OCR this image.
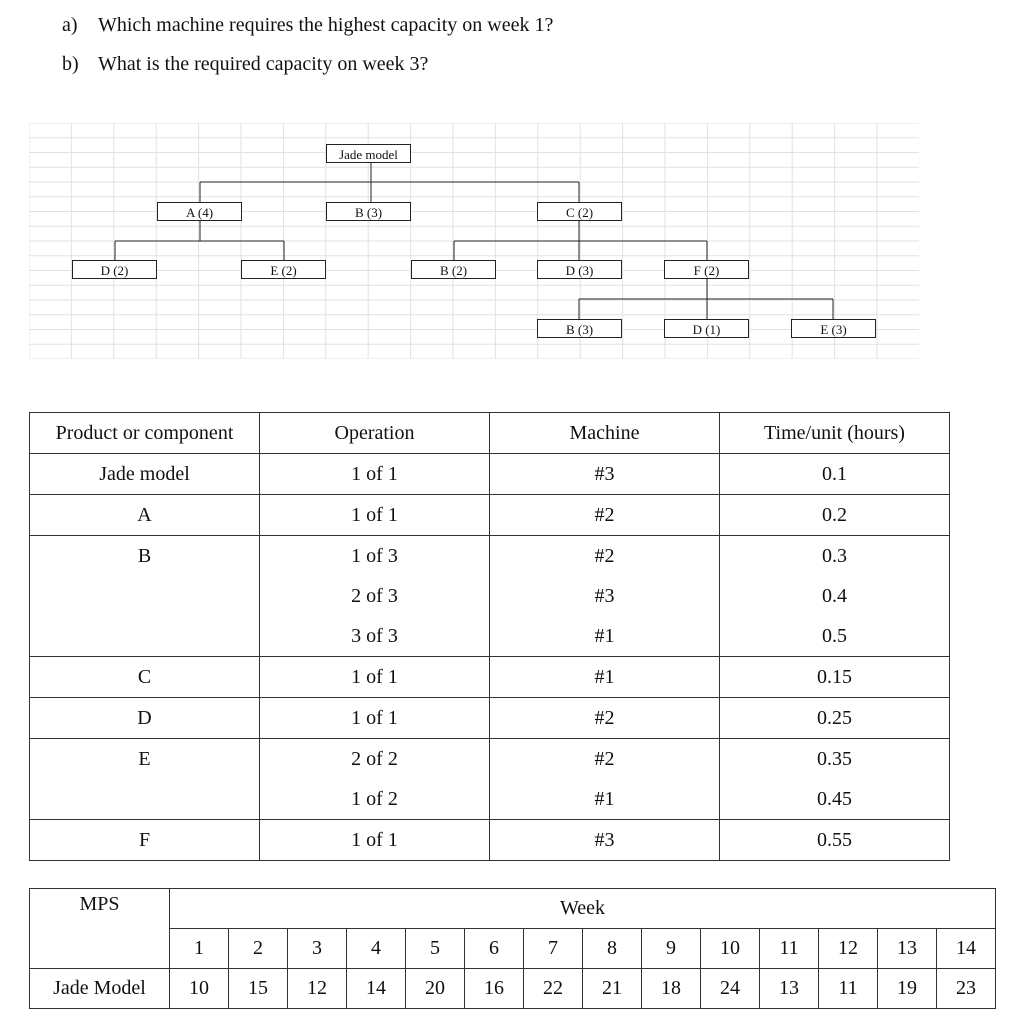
a)	Which machine requires the highest capacity on week 1?
b) What is the required capacity on week 3?
Jade model
A (4)	B (3)	C (2)
D (2)	E (2)	B (2)	D (3)	F (2)
B (3)	D (1)	E (3)
Product or component	Operation	Machine	Time/unit (hours)
Jade model	1 of 1	#3	0.1
A	1 of 1	#2	0.2
B	1 of 3	#2	0.3
	2 of 3	#3	0.4
	3 of 3	#1	0.5
C	1 of 1	#1	0.15
D	1 of 1	#2	0.25
E	2 of 2	#2	0.35
	1 of 2	#1	0.45
F	1 of 1	#3	0.55
MPS	Week													
	1	2	3	4	5	6	7	8	9	10	11	12	13	14
Jade Model	10	15	12	14	20	16	22	21	18	24	13	11	19	23
